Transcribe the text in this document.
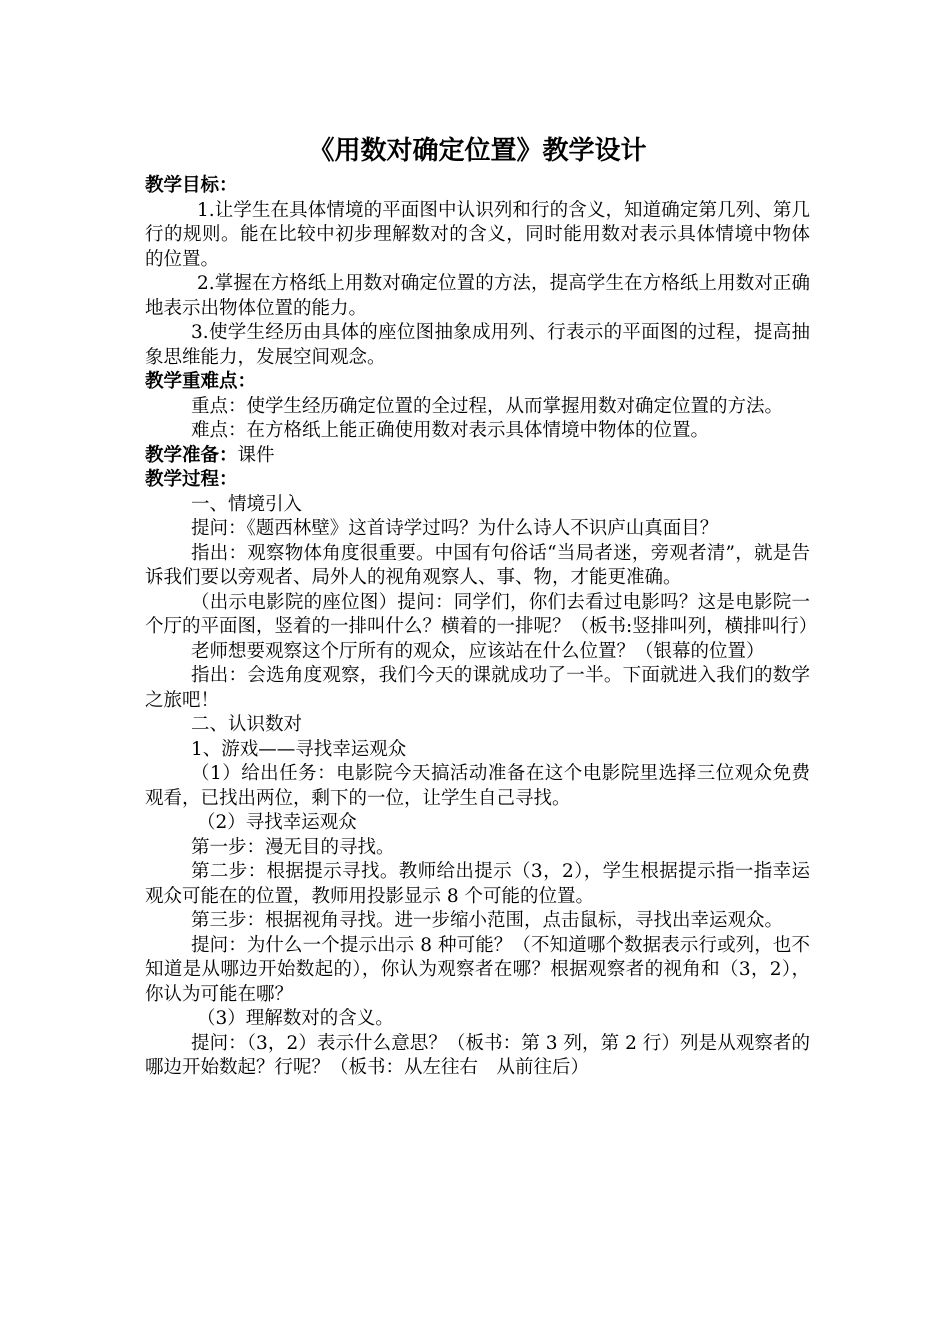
《用数对确定位置》教学设计
教学目标：

1.让学生在具体情境的平面图中认识列和行的含义，知道确定第几列、第几行的规则。能在比较中初步理解数对的含义，同时能用数对表示具体情境中物体的位置。

2.掌握在方格纸上用数对确定位置的方法，提高学生在方格纸上用数对正确地表示出物体位置的能力。

3.使学生经历由具体的座位图抽象成用列、行表示的平面图的过程，提高抽象思维能力，发展空间观念。

教学重难点：

重点：使学生经历确定位置的全过程，从而掌握用数对确定位置的方法。

难点：在方格纸上能正确使用数对表示具体情境中物体的位置。

教学准备：课件
教学过程：

一、情境引入

提问：《题西林壁》这首诗学过吗？为什么诗人不识庐山真面目？

指出：观察物体角度很重要。中国有句俗话“当局者迷，旁观者清”，就是告诉我们要以旁观者、局外人的视角观察人、事、物，才能更准确。

（出示电影院的座位图）提问：同学们，你们去看过电影吗？这是电影院一个厅的平面图，竖着的一排叫什么？横着的一排呢？（板书:竖排叫列，横排叫行）

老师想要观察这个厅所有的观众，应该站在什么位置？（银幕的位置）

指出：会选角度观察，我们今天的课就成功了一半。下面就进入我们的数学之旅吧！

二、认识数对

1、游戏——寻找幸运观众

（1）给出任务：电影院今天搞活动准备在这个电影院里选择三位观众免费观看，已找出两位，剩下的一位，让学生自己寻找。

（2）寻找幸运观众

第一步：漫无目的寻找。

第二步：根据提示寻找。教师给出提示（3，2），学生根据提示指一指幸运观众可能在的位置，教师用投影显示 8 个可能的位置。

第三步：根据视角寻找。进一步缩小范围，点击鼠标，寻找出幸运观众。

提问：为什么一个提示出示 8 种可能？（不知道哪个数据表示行或列，也不知道是从哪边开始数起的），你认为观察者在哪？根据观察者的视角和（3，2），你认为可能在哪？

（3）理解数对的含义。

提问：（3，2）表示什么意思？（板书：第 3 列，第 2 行）列是从观察者的哪边开始数起？行呢？（板书：从左往右　从前往后）
